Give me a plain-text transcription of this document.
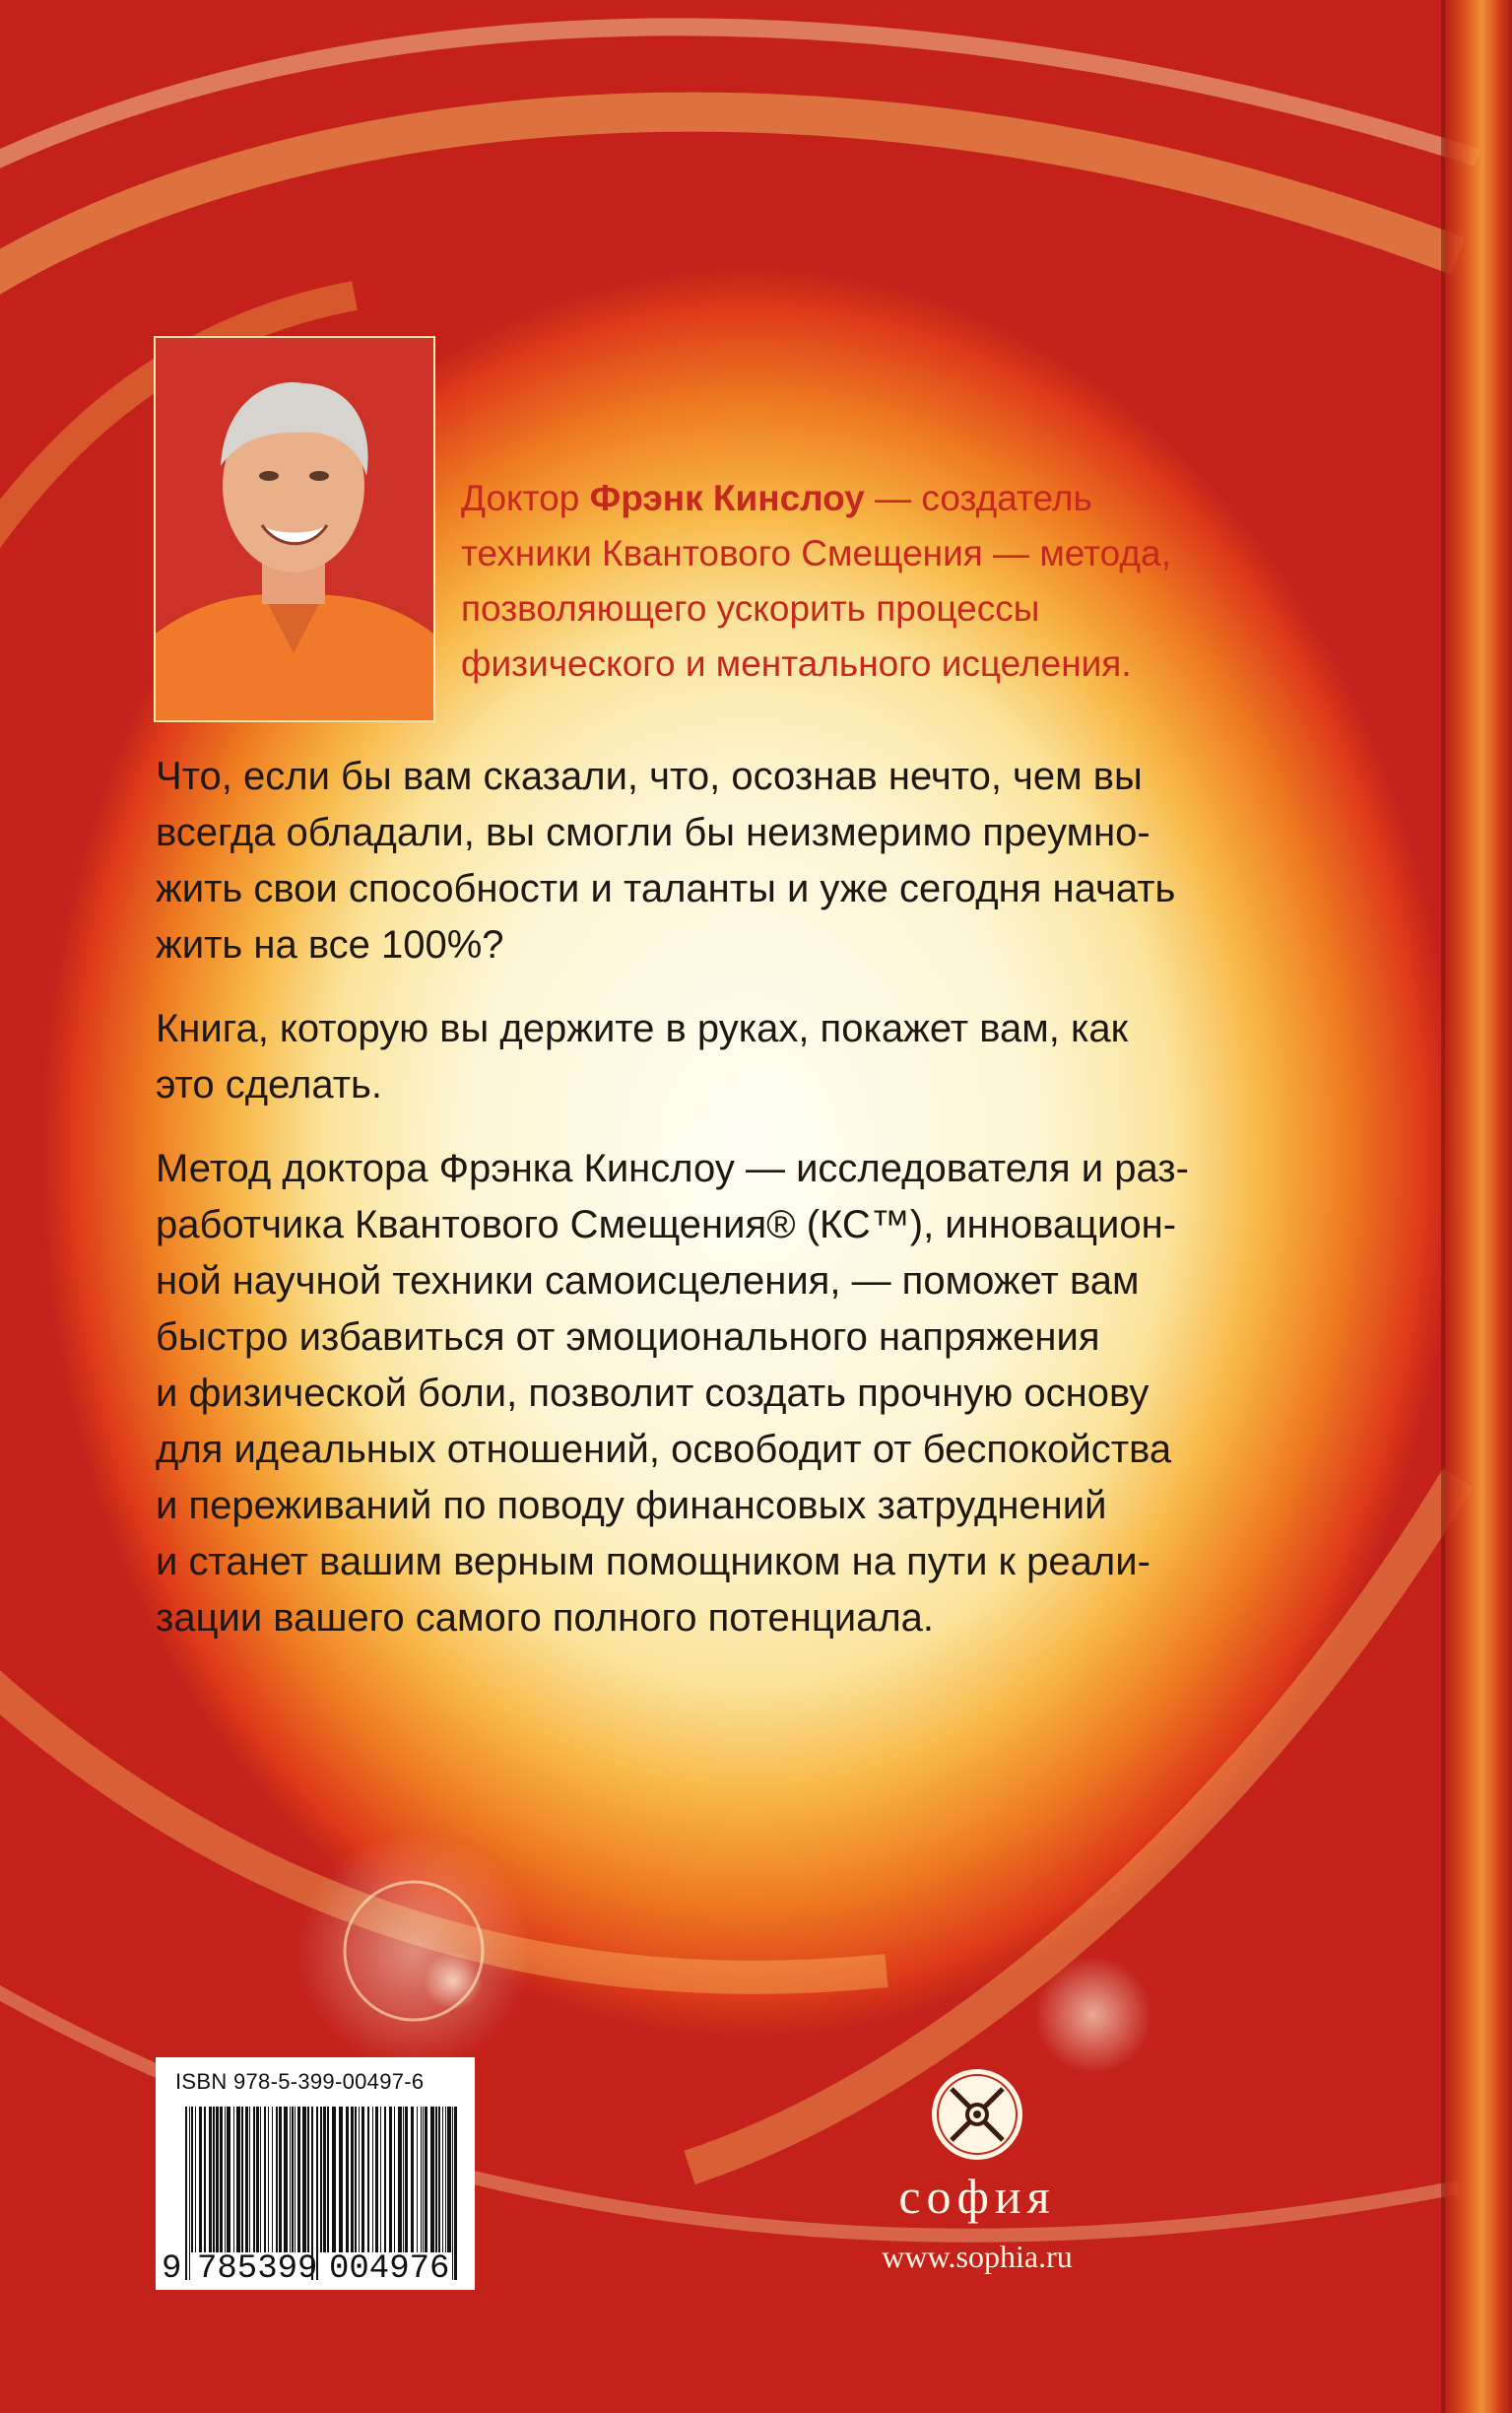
Доктор Фрэнк Кинслоу — создатель
техники Квантового Смещения — метода,
позволяющего ускорить процессы
физического и ментального исцеления.
Что, если бы вам сказали, что, осознав нечто, чем вы
всегда обладали, вы смогли бы неизмеримо преумно-
жить свои способности и таланты и уже сегодня начать
жить на все 100%?
Книга, которую вы держите в руках, покажет вам, как
это сделать.
Метод доктора Фрэнка Кинслоу — исследователя и раз-
работчика Квантового Смещения® (КС™), инновацион-
ной научной техники самоисцеления, — поможет вам
быстро избавиться от эмоционального напряжения
и физической боли, позволит создать прочную основу
для идеальных отношений, освободит от беспокойства
и переживаний по поводу финансовых затруднений
и станет вашим верным помощником на пути к реали-
зации вашего самого полного потенциала.
ISBN 978-5-399-00497-6
9 785399 004976
софия
www.sophia.ru
